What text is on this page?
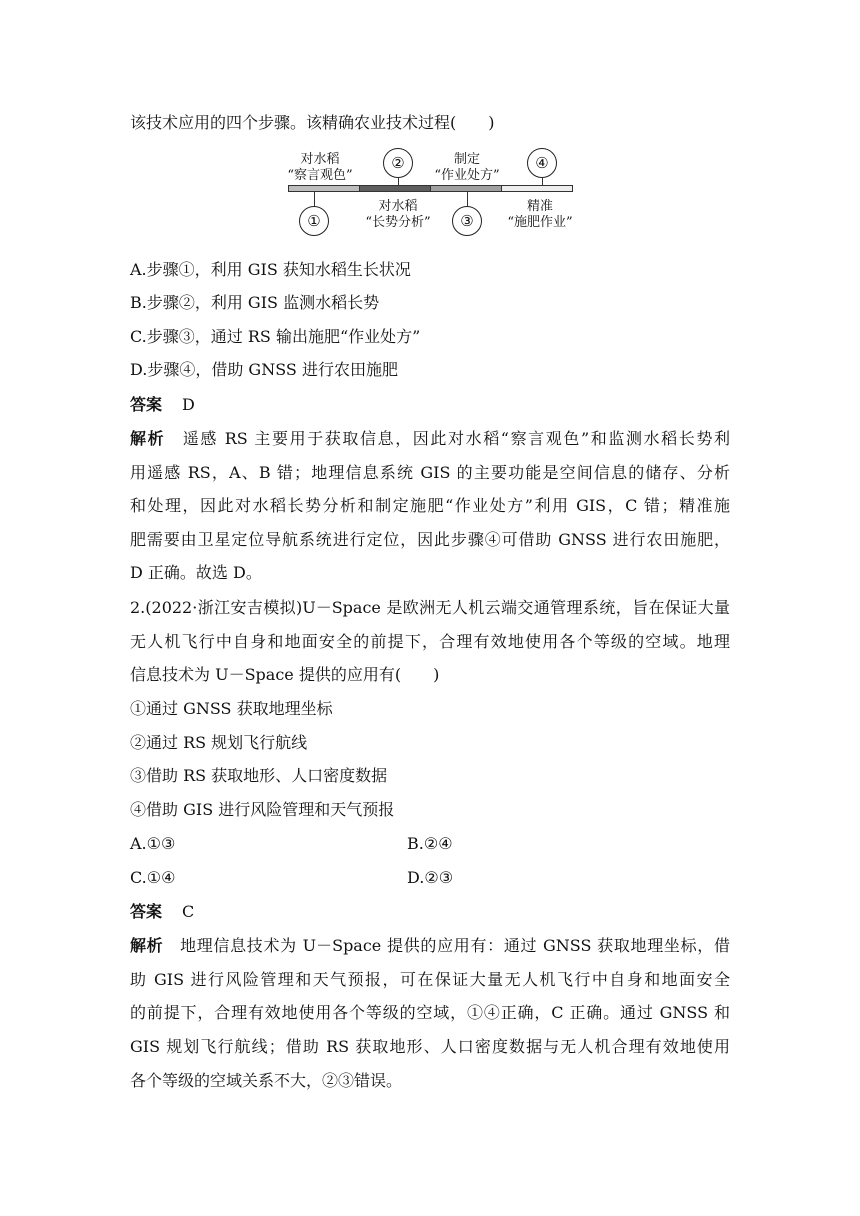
该技术应用的四个步骤。该精确农业技术过程(　　)
对水稻
“察言观色”
②	制定
“作业处方”
④
①
对水稻
“长势分析”	③
精准
“施肥作业”
A.步骤①，利用 GIS 获知水稻生长状况
B.步骤②，利用 GIS 监测水稻长势
C.步骤③，通过 RS 输出施肥“作业处方”
D.步骤④，借助 GNSS 进行农田施肥
答案 D
解析　 遥感 RS 主要用于获取信息，因此对水稻“察言观色”和监测水稻长势利
用遥感 RS，A、B 错；地理信息系统 GIS 的主要功能是空间信息的储存、分析
和处理，因此对水稻长势分析和制定施肥“作业处方”利用 GIS，C 错；精准施
肥需要由卫星定位导航系统进行定位，因此步骤④可借助 GNSS 进行农田施肥，
D 正确。故选 D。
2.(2022·浙江安吉模拟)U－Space 是欧洲无人机云端交通管理系统，旨在保证大量
无人机飞行中自身和地面安全的前提下，合理有效地使用各个等级的空域。地理
信息技术为 U－Space 提供的应用有(　　)
①通过 GNSS 获取地理坐标
②通过 RS 规划飞行航线
③借助 RS 获取地形、人口密度数据
④借助 GIS 进行风险管理和天气预报
A.①③	B.②④
C.①④	D.②③
答案 C
解析　 地理信息技术为 U－Space 提供的应用有：通过 GNSS 获取地理坐标，借
助 GIS 进行风险管理和天气预报，可在保证大量无人机飞行中自身和地面安全
的前提下，合理有效地使用各个等级的空域，①④正确，C 正确。通过 GNSS 和
GIS 规划飞行航线；借助 RS 获取地形、人口密度数据与无人机合理有效地使用
各个等级的空域关系不大，②③错误。
